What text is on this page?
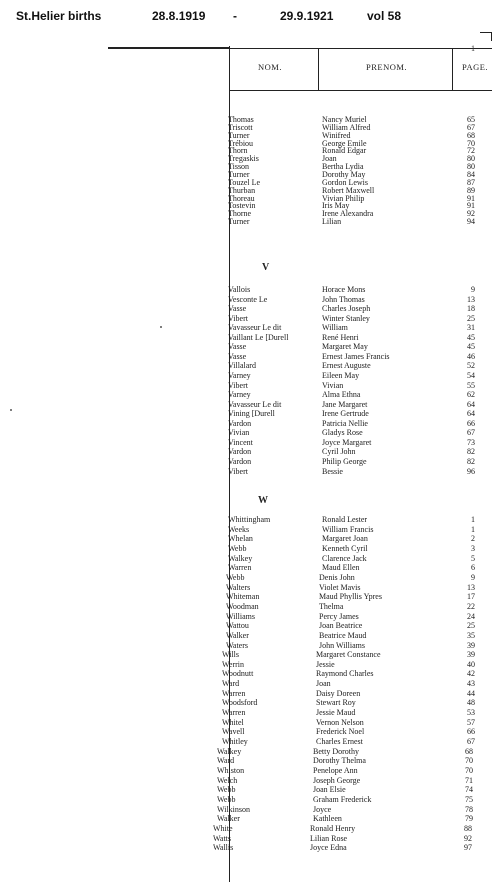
St.Helier births	28.8.1919 -	29.9.1921	vol 58
1
NOM.	PRENOM.	PAGE.
Thomas	Nancy Muriel	65
Triscott	William Alfred	67
Turner	Winifred	68
Trébiou	George Emile	70
Thorn	Ronald Edgar	72
Tregaskis	Joan	80
Tisson	Bertha Lydia	80
Turner	Dorothy May	84
Touzel Le	Gordon Lewis	87
Thurban	Robert Maxwell	89
Thoreau	Vivian Philip	91
Tostevin	Iris May	91
Thorne	Irene Alexandra	92
Turner	Lilian	94
V
Vallois	Horace Mons	9
Vesconte Le	John Thomas	13
Vasse	Charles Joseph	18
Vibert	Winter Stanley	25
Vavasseur Le dit	William	31
Vaillant Le [Durell	René Henri	45
Vasse	Margaret May	45
Vasse	Ernest James Francis	46
Villalard	Ernest Auguste	52
Varney	Eileen May	54
Vibert	Vivian	55
Varney	Alma Ethna	62
Vavasseur Le dit	Jane Margaret	64
Vining [Durell	Irene Gertrude	64
Vardon	Patricia Nellie	66
Vivian	Gladys Rose	67
Vincent	Joyce Margaret	73
Vardon	Cyril John	82
Vardon	Philip George	82
Vibert	Bessie	96
W
Whittingham	Ronald Lester	1
Weeks	William Francis	1
Whelan	Margaret Joan	2
Webb	Kenneth Cyril	3
Walkey	Clarence Jack	5
Warren	Maud Ellen	6
Webb	Denis John	9
Walters	Violet Mavis	13
Whiteman	Maud Phyllis Ypres	17
Woodman	Thelma	22
Williams	Percy James	24
Wattou	Joan Beatrice	25
Walker	Beatrice Maud	35
Waters	John Williams	39
Wills	Margaret Constance	39
Werrin	Jessie	40
Woodnutt	Raymond Charles	42
Ward	Joan	43
Warren	Daisy Doreen	44
Woodsford	Stewart Roy	48
Warren	Jessie Maud	53
Whitel	Vernon Nelson	57
Wavell	Frederick Noel	66
Whitley	Charles Ernest	67
Walkey	Betty Dorothy	68
Ward	Dorothy Thelma	70
Whiston	Penelope Ann	70
Welch	Joseph George	71
Webb	Joan Elsie	74
Webb	Graham Frederick	75
Wilkinson	Joyce	78
Walker	Kathleen	79
White	Ronald Henry	88
Watts	Lilian Rose	92
Wallis	Joyce Edna	97
